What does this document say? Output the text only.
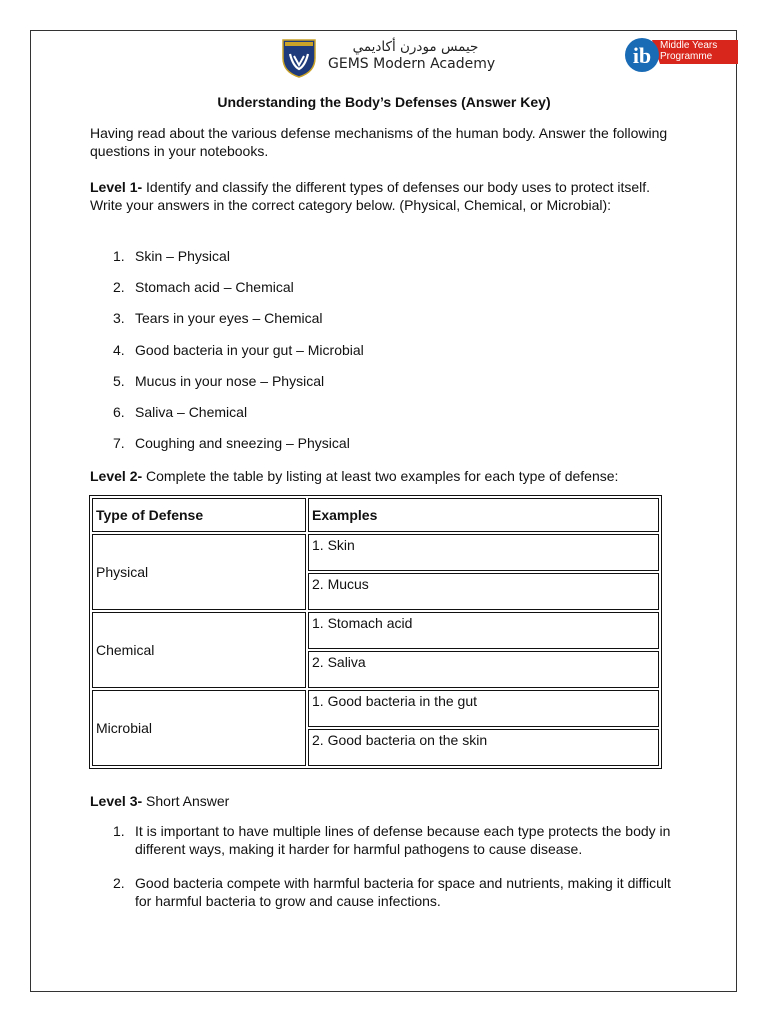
جيمس مودرن أكاديمي
GEMS Modern Academy	ib Middle Years
Programme
Understanding the Body’s Defenses (Answer Key)
Having read about the various defense mechanisms of the human body. Answer the following questions in your notebooks.
Level 1- Identify and classify the different types of defenses our body uses to protect itself. Write your answers in the correct category below. (Physical, Chemical, or Microbial):
1. Skin – Physical
2. Stomach acid – Chemical
3. Tears in your eyes – Chemical
4. Good bacteria in your gut – Microbial
5. Mucus in your nose – Physical
6. Saliva – Chemical
7. Coughing and sneezing – Physical
Level 2- Complete the table by listing at least two examples for each type of defense:
Type of Defense	Examples
Physical	1. Skin
	2. Mucus
Chemical	1. Stomach acid
	2. Saliva
Microbial	1. Good bacteria in the gut
	2. Good bacteria on the skin
Level 3- Short Answer
1. It is important to have multiple lines of defense because each type protects the body in different ways, making it harder for harmful pathogens to cause disease.
2. Good bacteria compete with harmful bacteria for space and nutrients, making it difficult for harmful bacteria to grow and cause infections.
